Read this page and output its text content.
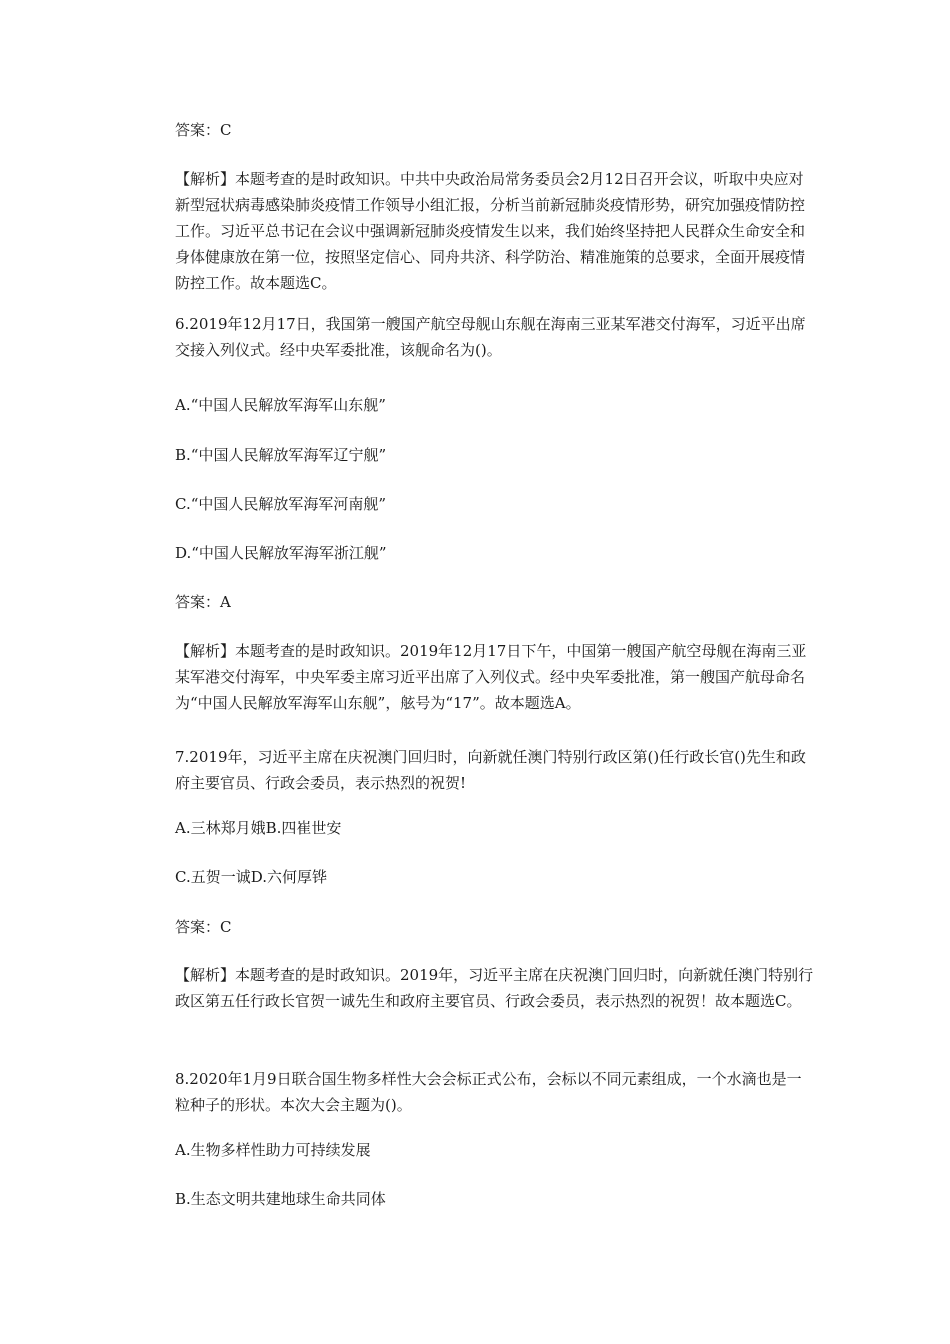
答案：C
【解析】本题考查的是时政知识。中共中央政治局常务委员会2月12日召开会议，听取中央应对新型冠状病毒感染肺炎疫情工作领导小组汇报，分析当前新冠肺炎疫情形势，研究加强疫情防控工作。习近平总书记在会议中强调新冠肺炎疫情发生以来，我们始终坚持把人民群众生命安全和身体健康放在第一位，按照坚定信心、同舟共济、科学防治、精准施策的总要求，全面开展疫情防控工作。故本题选C。
6.2019年12月17日，我国第一艘国产航空母舰山东舰在海南三亚某军港交付海军，习近平出席交接入列仪式。经中央军委批准，该舰命名为()。
A.“中国人民解放军海军山东舰”
B.“中国人民解放军海军辽宁舰”
C.“中国人民解放军海军河南舰”
D.“中国人民解放军海军浙江舰”
答案：A
【解析】本题考查的是时政知识。2019年12月17日下午，中国第一艘国产航空母舰在海南三亚某军港交付海军，中央军委主席习近平出席了入列仪式。经中央军委批准，第一艘国产航母命名为“中国人民解放军海军山东舰”，舷号为“17”。故本题选A。
7.2019年，习近平主席在庆祝澳门回归时，向新就任澳门特别行政区第()任行政长官()先生和政府主要官员、行政会委员，表示热烈的祝贺!
A.三林郑月娥B.四崔世安
C.五贺一诚D.六何厚铧
答案：C
【解析】本题考查的是时政知识。2019年，习近平主席在庆祝澳门回归时，向新就任澳门特别行政区第五任行政长官贺一诚先生和政府主要官员、行政会委员，表示热烈的祝贺！故本题选C。
8.2020年1月9日联合国生物多样性大会会标正式公布，会标以不同元素组成，一个水滴也是一粒种子的形状。本次大会主题为()。
A.生物多样性助力可持续发展
B.生态文明共建地球生命共同体
